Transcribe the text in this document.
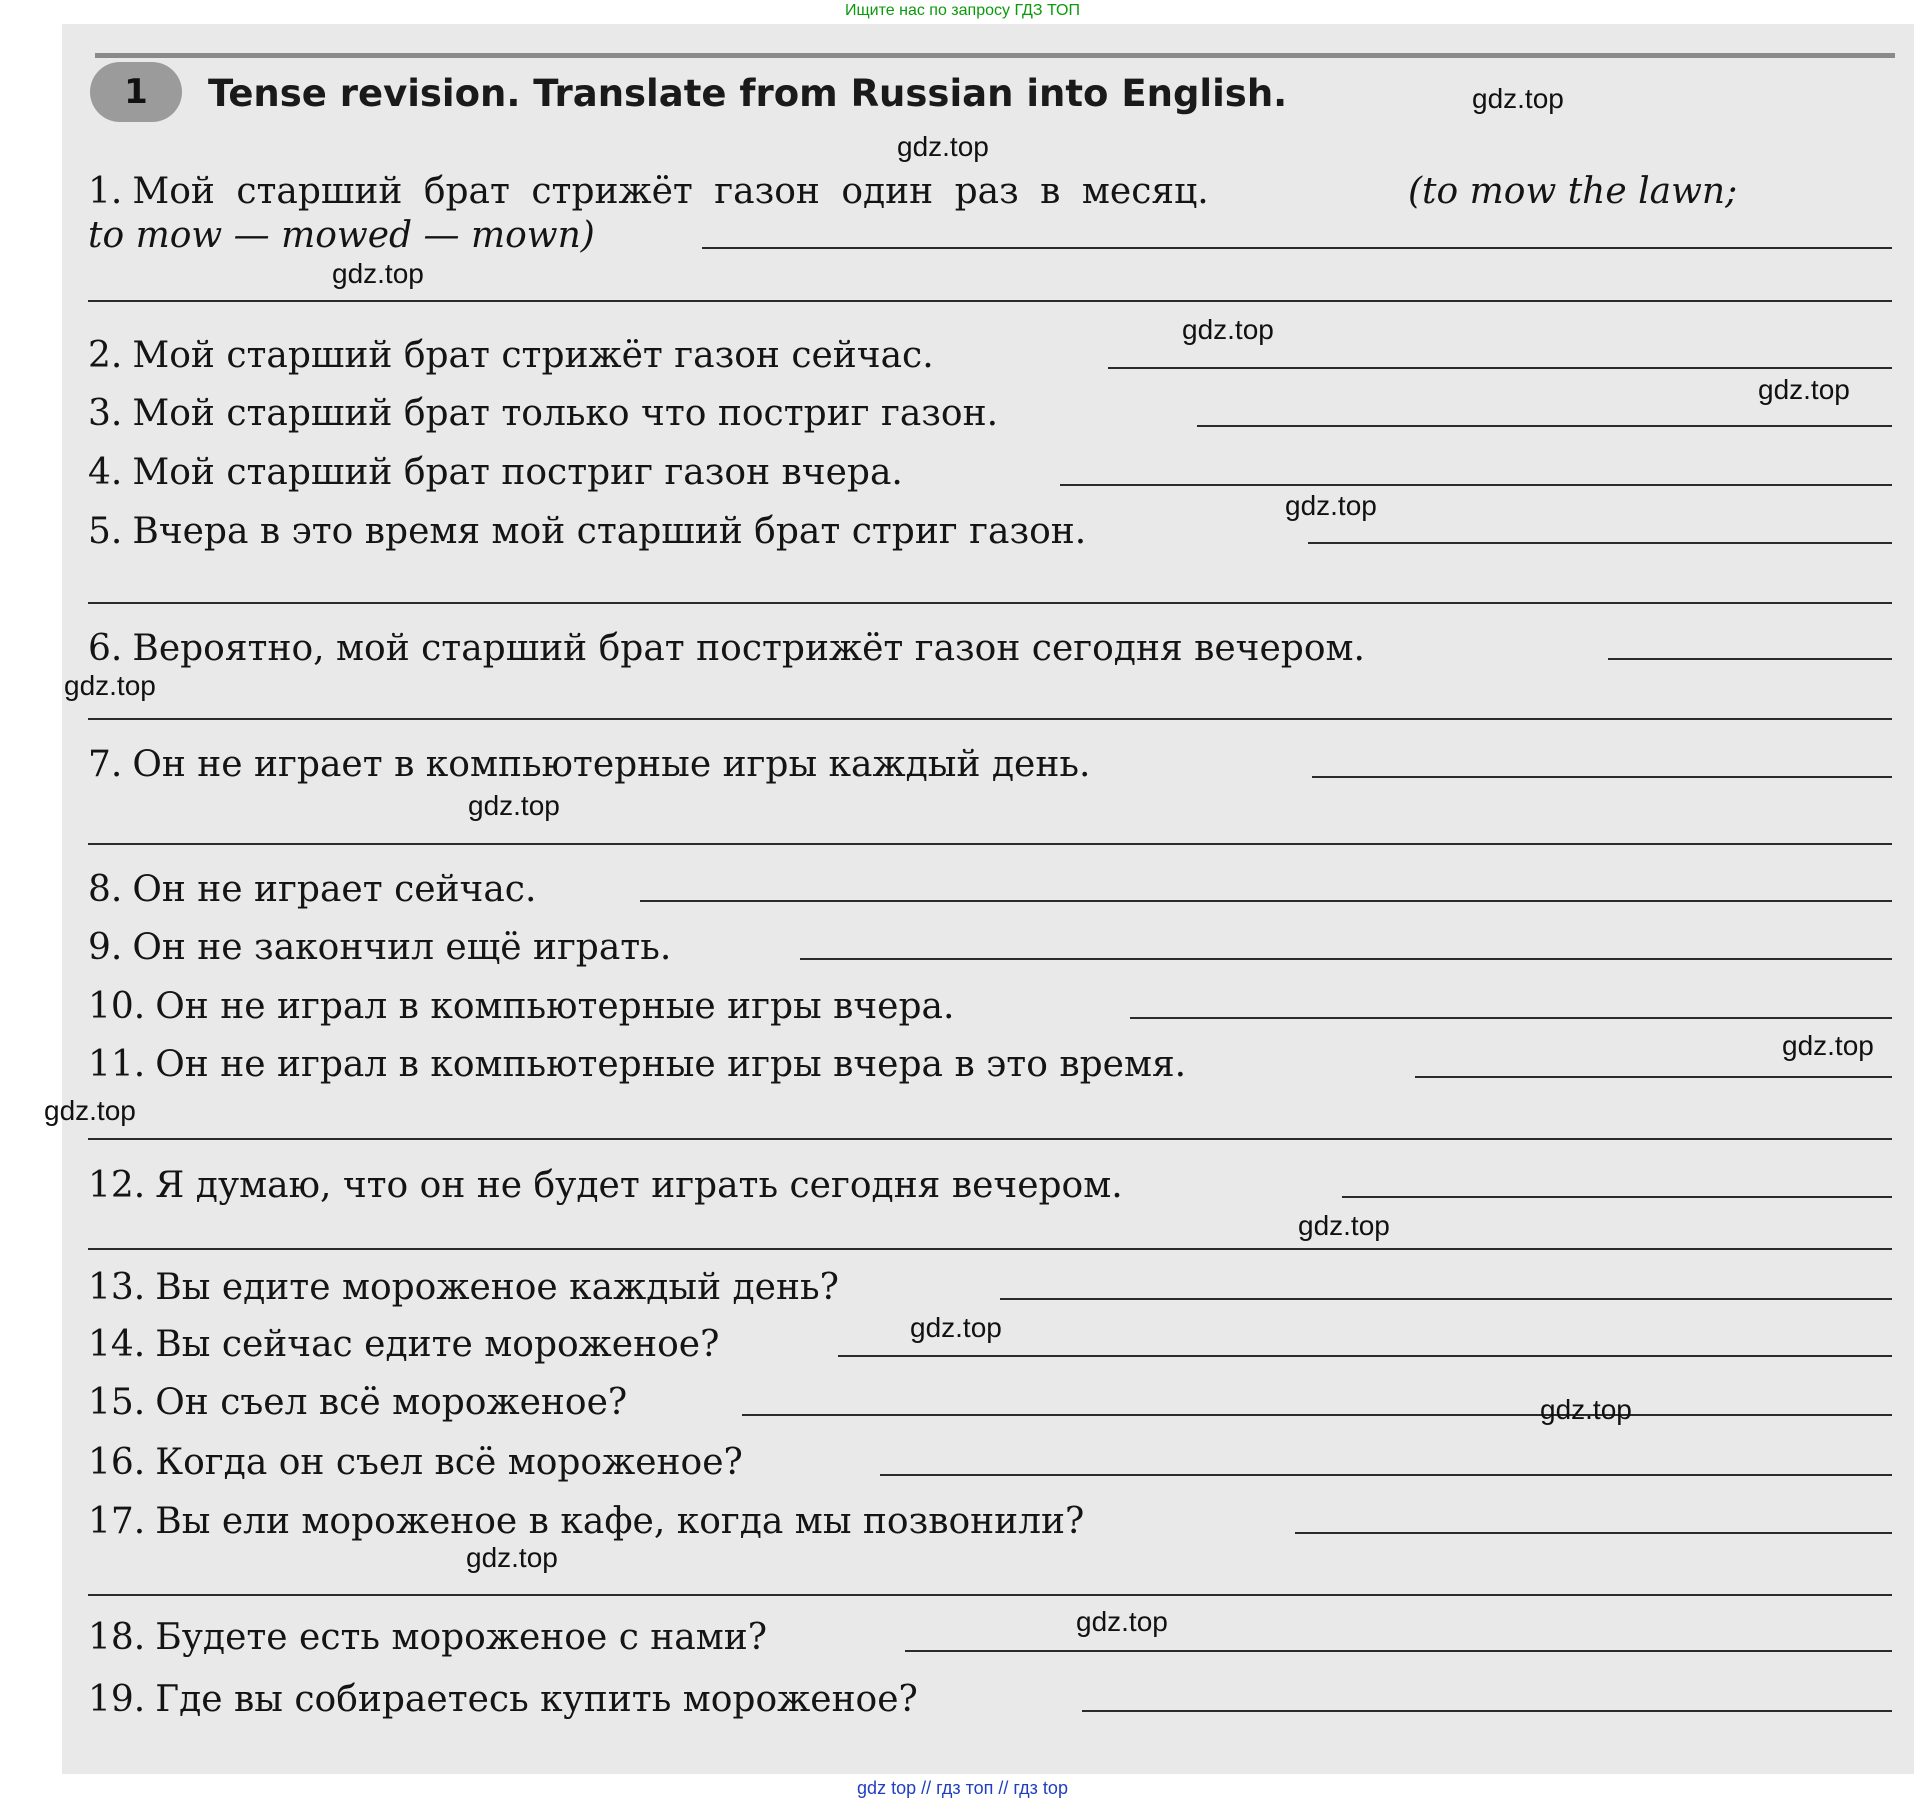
Ищите нас по запросу ГДЗ ТОП
1	Tense revision. Translate from Russian into English.
1. Мой старший брат стрижёт газон один раз в месяц.	(to mow the lawn;
to mow — mowed — mown)
2. Мой старший брат стрижёт газон сейчас.
3. Мой старший брат только что постриг газон.
4. Мой старший брат постриг газон вчера.
5. Вчера в это время мой старший брат стриг газон.
6. Вероятно, мой старший брат пострижёт газон сегодня вечером.
7. Он не играет в компьютерные игры каждый день.
8. Он не играет сейчас.
9. Он не закончил ещё играть.
10. Он не играл в компьютерные игры вчера.
11. Он не играл в компьютерные игры вчера в это время.
12. Я думаю, что он не будет играть сегодня вечером.
13. Вы едите мороженое каждый день?
14. Вы сейчас едите мороженое?
15. Он съел всё мороженое?
16. Когда он съел всё мороженое?
17. Вы ели мороженое в кафе, когда мы позвонили?
18. Будете есть мороженое с нами?
19. Где вы собираетесь купить мороженое?
gdz.top
gdz.top
gdz.top
gdz.top
gdz.top
gdz.top
gdz.top
gdz.top
gdz.top
gdz.top
gdz.top
gdz.top
gdz.top
gdz.top
gdz.top
gdz top // гдз топ // гдз top
